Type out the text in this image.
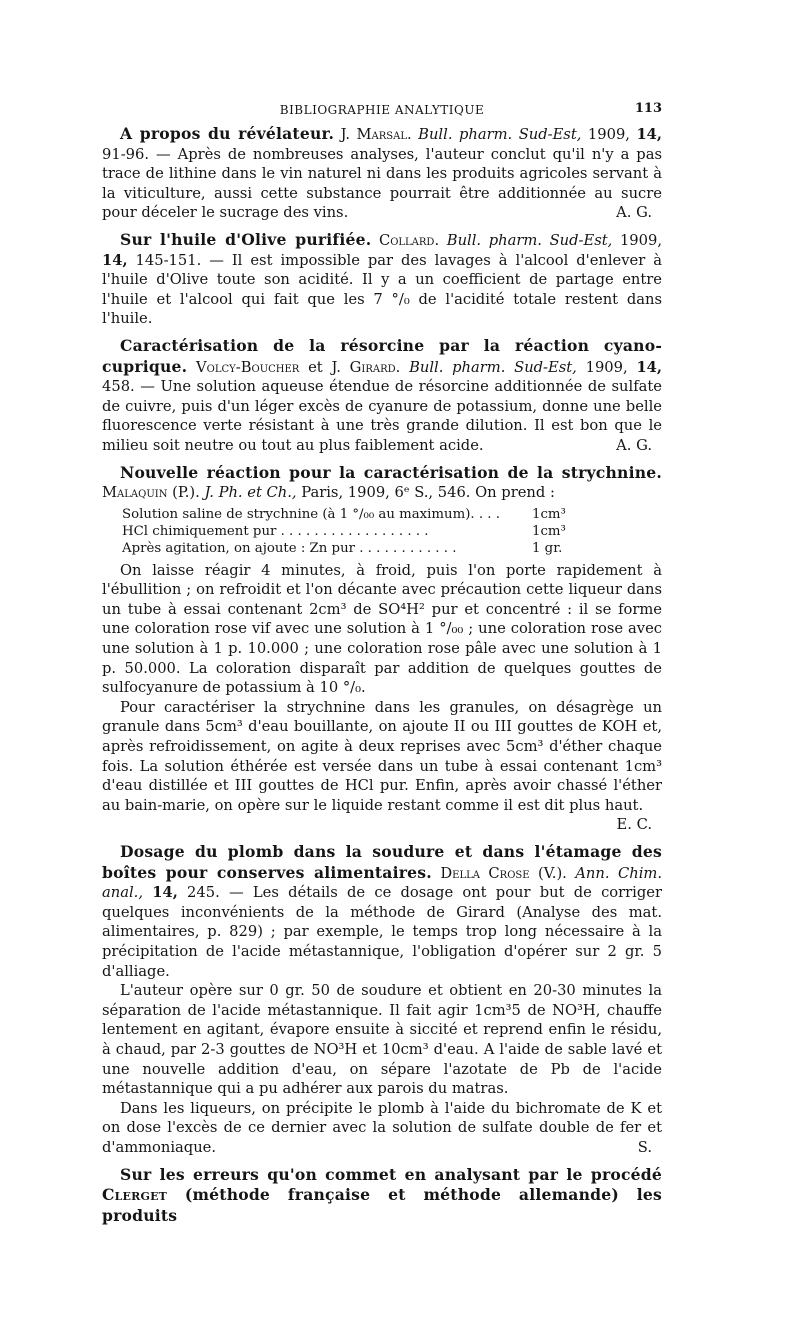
BIBLIOGRAPHIE ANALYTIQUE	113

A propos du révélateur. J. Marsal. Bull. pharm. Sud-Est, 1909, 14, 91-96. — Après de nombreuses analyses, l'auteur conclut qu'il n'y a pas trace de lithine dans le vin naturel ni dans les produits agricoles servant à la viticulture, aussi cette substance pourrait être additionnée au sucre pour déceler le sucrage des vins.	A. G.

Sur l'huile d'Olive purifiée. Collard. Bull. pharm. Sud-Est, 1909, 14, 145-151. — Il est impossible par des lavages à l'alcool d'enlever à l'huile d'Olive toute son acidité. Il y a un coefficient de partage entre l'huile et l'alcool qui fait que les 7 °/₀ de l'acidité totale restent dans l'huile.

Caractérisation de la résorcine par la réaction cyano-cuprique. Volcy-Boucher et J. Girard. Bull. pharm. Sud-Est, 1909, 14, 458. — Une solution aqueuse étendue de résorcine additionnée de sulfate de cuivre, puis d'un léger excès de cyanure de potassium, donne une belle fluorescence verte résistant à une très grande dilution. Il est bon que le milieu soit neutre ou tout au plus faiblement acide.	A. G.

Nouvelle réaction pour la caractérisation de la strychnine. Malaquin (P.). J. Ph. et Ch., Paris, 1909, 6ᵉ S., 546. On prend :

Solution saline de strychnine (à 1 °/₀₀ au maximum). . . .	1cm³
HCl chimiquement pur . . . . . . . . . . . . . . . . . .	1cm³
Après agitation, on ajoute : Zn pur . . . . . . . . . . . .	1 gr.

On laisse réagir 4 minutes, à froid, puis l'on porte rapidement à l'ébullition ; on refroidit et l'on décante avec précaution cette liqueur dans un tube à essai contenant 2cm³ de SO⁴H² pur et concentré : il se forme une coloration rose vif avec une solution à 1 °/₀₀ ; une coloration rose avec une solution à 1 p. 10.000 ; une coloration rose pâle avec une solution à 1 p. 50.000. La coloration disparaît par addition de quelques gouttes de sulfocyanure de potassium à 10 °/₀.

Pour caractériser la strychnine dans les granules, on désagrège un granule dans 5cm³ d'eau bouillante, on ajoute II ou III gouttes de KOH et, après refroidissement, on agite à deux reprises avec 5cm³ d'éther chaque fois. La solution éthérée est versée dans un tube à essai contenant 1cm³ d'eau distillée et III gouttes de HCl pur. Enfin, après avoir chassé l'éther au bain-marie, on opère sur le liquide restant comme il est dit plus haut.
E. C.

Dosage du plomb dans la soudure et dans l'étamage des boîtes pour conserves alimentaires. Della Crose (V.). Ann. Chim. anal., 14, 245. — Les détails de ce dosage ont pour but de corriger quelques inconvénients de la méthode de Girard (Analyse des mat. alimentaires, p. 829) ; par exemple, le temps trop long nécessaire à la précipitation de l'acide métastannique, l'obligation d'opérer sur 2 gr. 5 d'alliage.

L'auteur opère sur 0 gr. 50 de soudure et obtient en 20-30 minutes la séparation de l'acide métastannique. Il fait agir 1cm³5 de NO³H, chauffe lentement en agitant, évapore ensuite à siccité et reprend enfin le résidu, à chaud, par 2-3 gouttes de NO³H et 10cm³ d'eau. A l'aide de sable lavé et une nouvelle addition d'eau, on sépare l'azotate de Pb de l'acide métastannique qui a pu adhérer aux parois du matras.

Dans les liqueurs, on précipite le plomb à l'aide du bichromate de K et on dose l'excès de ce dernier avec la solution de sulfate double de fer et d'ammoniaque.	S.

Sur les erreurs qu'on commet en analysant par le procédé Clerget (méthode française et méthode allemande) les produits
